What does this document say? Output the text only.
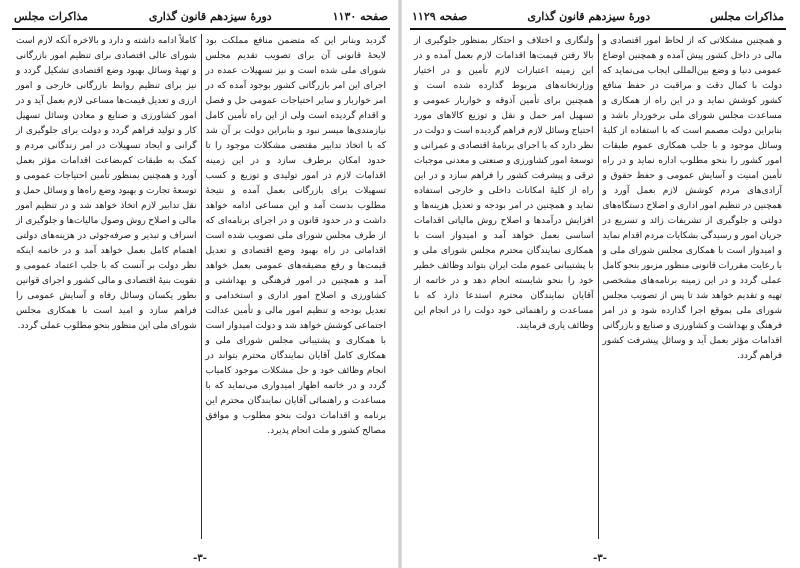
صفحه ۱۱۳۰
دورهٔ سیزدهم قانون گذاری
مذاکرات مجلس

گردید وبنابر این که متضمن منافع مملکت بود لایحهٔ قانونی آن برای تصویب تقدیم مجلس شورای ملی شده است و نیز تسهیلات عمده در اجرای این امر بازرگانی کشور بوجود آمده که در امر خواربار و سایر احتیاجات عمومی حل و فصل و اقدام گردیده است ولی از این راه تأمین کامل نیازمندی‌ها میسر نبود و بنابراین دولت بر آن شد که با اتخاذ تدابیر مقتضی مشکلات موجود را تا حدود امکان برطرف سازد و در این زمینه اقدامات لازم در امور تولیدی و توزیع و کسب تسهیلات برای بازرگانی بعمل آمده و نتیجهٔ مطلوب بدست آمد و این مساعی ادامه خواهد داشت و در حدود قانون و در اجرای برنامه‌ای که از طرف مجلس شورای ملی تصویب شده است اقداماتی در راه بهبود وضع اقتصادی و تعدیل قیمت‌ها و رفع مضیقه‌های عمومی بعمل خواهد آمد و همچنین در امور فرهنگی و بهداشتی و کشاورزی و اصلاح امور اداری و استخدامی و تعدیل بودجه و تنظیم امور مالی و تأمین عدالت اجتماعی کوشش خواهد شد و دولت امیدوار است با همکاری و پشتیبانی مجلس شورای ملی و همکاری کامل آقایان نمایندگان محترم بتواند در انجام وظائف خود و حل مشکلات موجود کامیاب گردد و در خاتمه اظهار امیدواری می‌نماید که با مساعدت و راهنمائی آقایان نمایندگان محترم این برنامه و اقدامات دولت بنحو مطلوب و موافق مصالح کشور و ملت انجام پذیرد.

کاملاً ادامه داشته و دارد و بالاخره آنکه لازم است شورای عالی اقتصادی برای تنظیم امور بازرگانی و تهیهٔ وسائل بهبود وضع اقتصادی تشکیل گردد و نیز برای تنظیم روابط بازرگانی خارجی و امور ارزی و تعدیل قیمت‌ها مساعی لازم بعمل آید و در امور کشاورزی و صنایع و معادن وسائل تسهیل کار و تولید فراهم گردد و دولت برای جلوگیری از گرانی و ایجاد تسهیلات در امر زندگانی مردم و کمک به طبقات کم‌بضاعت اقدامات مؤثر بعمل آورد و همچنین بمنظور تأمین احتیاجات عمومی و توسعهٔ تجارت و بهبود وضع راه‌ها و وسائل حمل و نقل تدابیر لازم اتخاذ خواهد شد و در تنظیم امور مالی و اصلاح روش وصول مالیات‌ها و جلوگیری از اسراف و تبذیر و صرفه‌جوئی در هزینه‌های دولتی اهتمام کامل بعمل خواهد آمد و در خاتمه اینکه نظر دولت بر آنست که با جلب اعتماد عمومی و تقویت بنیهٔ اقتصادی و مالی کشور و اجرای قوانین بطور یکسان وسائل رفاه و آسایش عمومی را فراهم سازد و امید است با همکاری مجلس شورای ملی این منظور بنحو مطلوب عملی گردد.

-۳-
مذاکرات مجلس
دورهٔ سیزدهم قانون گذاری
صفحه ۱۱۲۹

و همچنین مشکلاتی که از لحاظ امور اقتصادی و مالی در داخل کشور پیش آمده و همچنین اوضاع عمومی دنیا و وضع بین‌المللی ایجاب می‌نماید که دولت با کمال دقت و مراقبت در حفظ منافع کشور کوشش نماید و در این راه از همکاری و مساعدت مجلس شورای ملی برخوردار باشد و بنابراین دولت مصمم است که با استفاده از کلیهٔ وسائل موجود و با جلب همکاری عموم طبقات امور کشور را بنحو مطلوب اداره نماید و در راه تأمین امنیت و آسایش عمومی و حفظ حقوق و آزادی‌های مردم کوشش لازم بعمل آورد و همچنین در تنظیم امور اداری و اصلاح دستگاه‌های دولتی و جلوگیری از تشریفات زائد و تسریع در جریان امور و رسیدگی بشکایات مردم اقدام نماید و امیدوار است با همکاری مجلس شورای ملی و با رعایت مقررات قانونی منظور مزبور بنحو کامل عملی گردد و در این زمینه برنامه‌های مشخصی تهیه و تقدیم خواهد شد تا پس از تصویب مجلس شورای ملی بموقع اجرا گذارده شود و در امر فرهنگ و بهداشت و کشاورزی و صنایع و بازرگانی اقدامات مؤثر بعمل آید و وسائل پیشرفت کشور فراهم گردد.

ولنگاری و اختلاف و احتکار بمنظور جلوگیری از بالا رفتن قیمت‌ها اقدامات لازم بعمل آمده و در این زمینه اعتبارات لازم تأمین و در اختیار وزارتخانه‌های مربوط گذارده شده است و همچنین برای تأمین آذوقه و خواربار عمومی و تسهیل امر حمل و نقل و توزیع کالاهای مورد احتیاج وسائل لازم فراهم گردیده است و دولت در نظر دارد که با اجرای برنامهٔ اقتصادی و عمرانی و توسعهٔ امور کشاورزی و صنعتی و معدنی موجبات ترقی و پیشرفت کشور را فراهم سازد و در این راه از کلیهٔ امکانات داخلی و خارجی استفاده نماید و همچنین در امر بودجه و تعدیل هزینه‌ها و افزایش درآمدها و اصلاح روش مالیاتی اقدامات اساسی بعمل خواهد آمد و امیدوار است با همکاری نمایندگان محترم مجلس شورای ملی و با پشتیبانی عموم ملت ایران بتواند وظائف خطیر خود را بنحو شایسته انجام دهد و در خاتمه از آقایان نمایندگان محترم استدعا دارد که با مساعدت و راهنمائی خود دولت را در انجام این وظائف یاری فرمایند.

-۳-
